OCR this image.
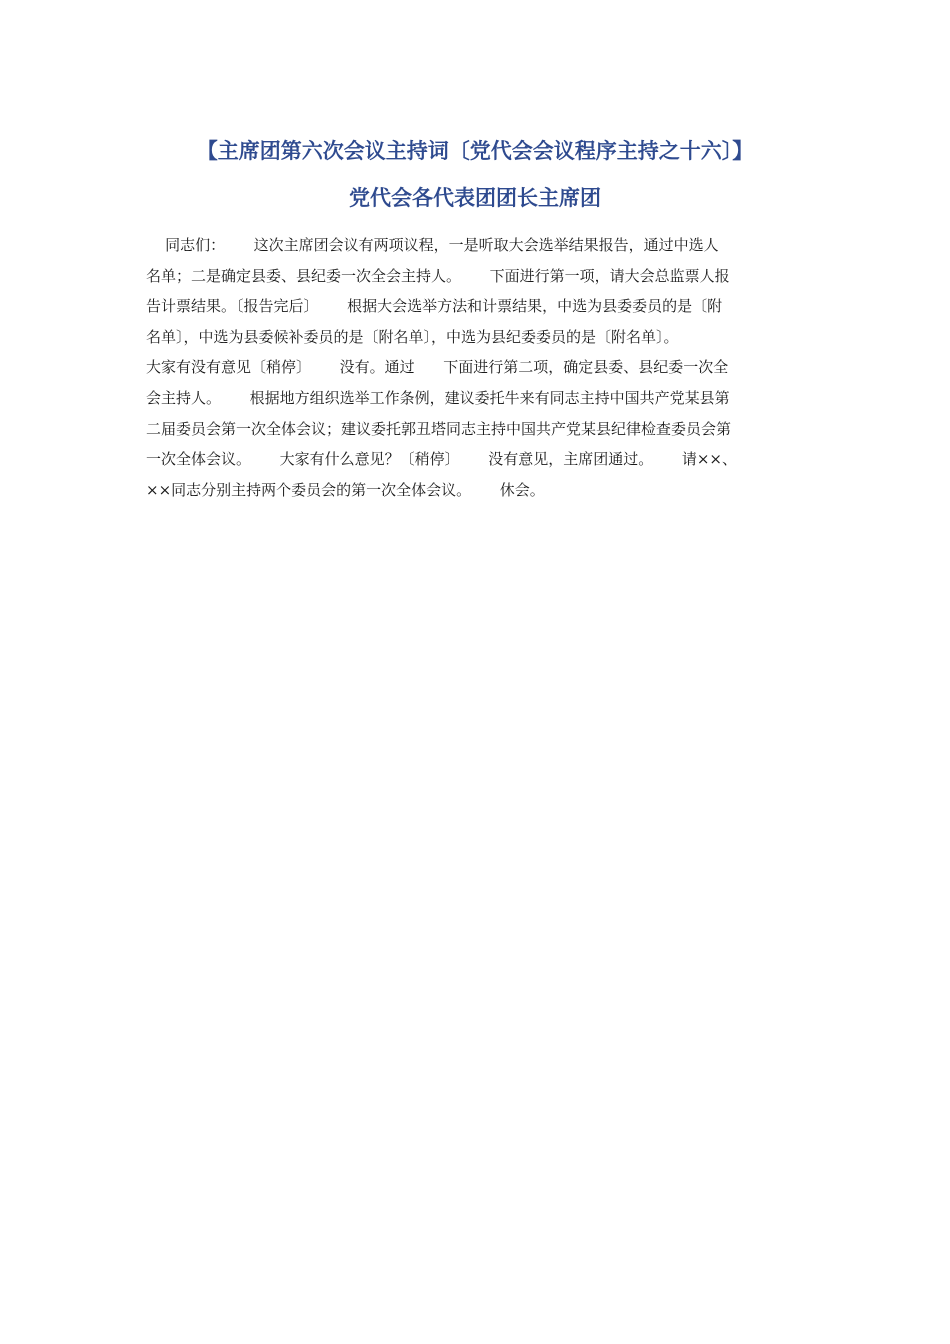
【主席团第六次会议主持词〔党代会会议程序主持之十六〕】
党代会各代表团团长主席团
同志们：      这次主席团会议有两项议程，一是听取大会选举结果报告，通过中选人
名单；二是确定县委、县纪委一次全会主持人。      下面进行第一项，请大会总监票人报
告计票结果。〔报告完后〕      根据大会选举方法和计票结果，中选为县委委员的是〔附
名单〕，中选为县委候补委员的是〔附名单〕，中选为县纪委委员的是〔附名单〕。
大家有没有意见〔稍停〕      没有。通过      下面进行第二项，确定县委、县纪委一次全
会主持人。      根据地方组织选举工作条例，建议委托牛来有同志主持中国共产党某县第
二届委员会第一次全体会议；建议委托郭丑塔同志主持中国共产党某县纪律检查委员会第
一次全体会议。      大家有什么意见？〔稍停〕      没有意见，主席团通过。      请××、
××同志分别主持两个委员会的第一次全体会议。      休会。
